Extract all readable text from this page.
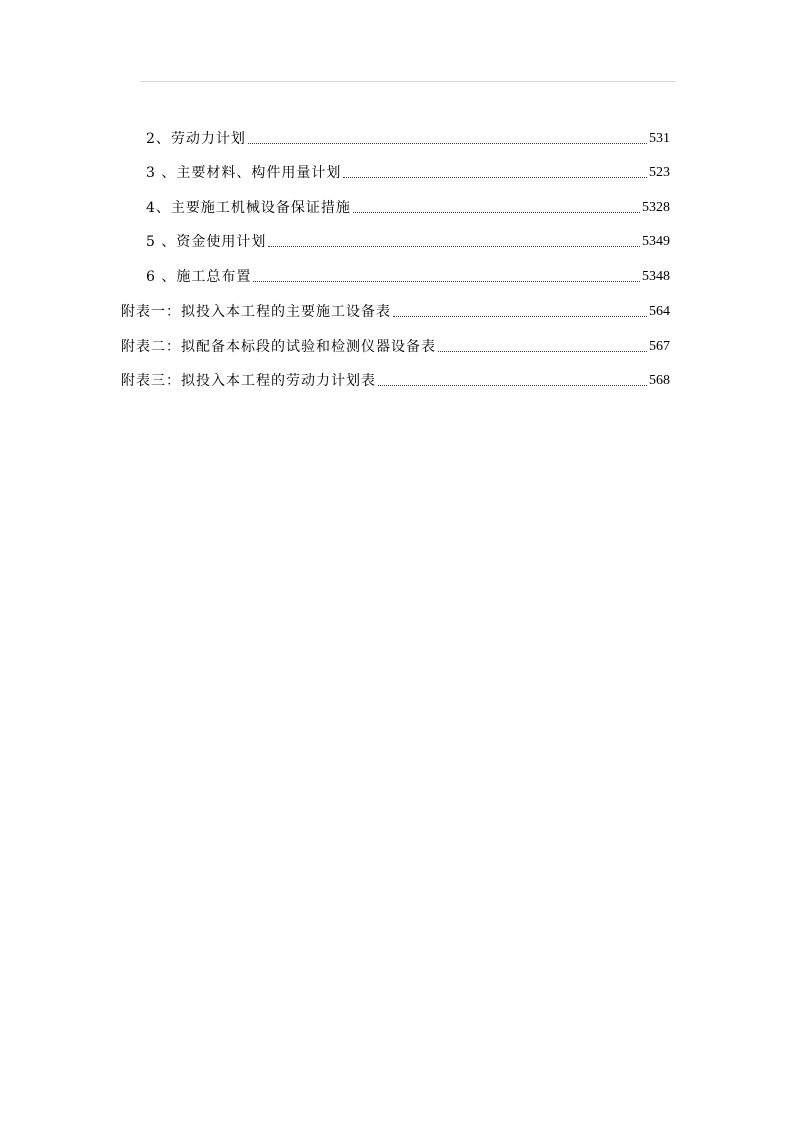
2、劳动力计划	531
3 、主要材料、构件用量计划	523
4、主要施工机械设备保证措施	5328
5 、资金使用计划	5349
6 、施工总布置	5348
附表一：拟投入本工程的主要施工设备表	564
附表二：拟配备本标段的试验和检测仪器设备表	567
附表三：拟投入本工程的劳动力计划表	568
